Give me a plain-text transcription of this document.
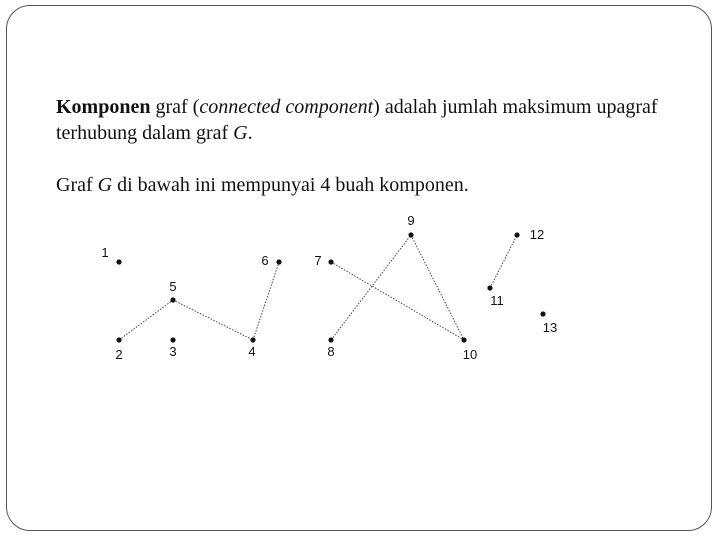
Komponen graf (connected component) adalah jumlah maksimum upagraf terhubung dalam graf G.

Graf G di bawah ini mempunyai 4 buah komponen.

1
2	3	4
5
6	7
8
9
10
11
12
13
